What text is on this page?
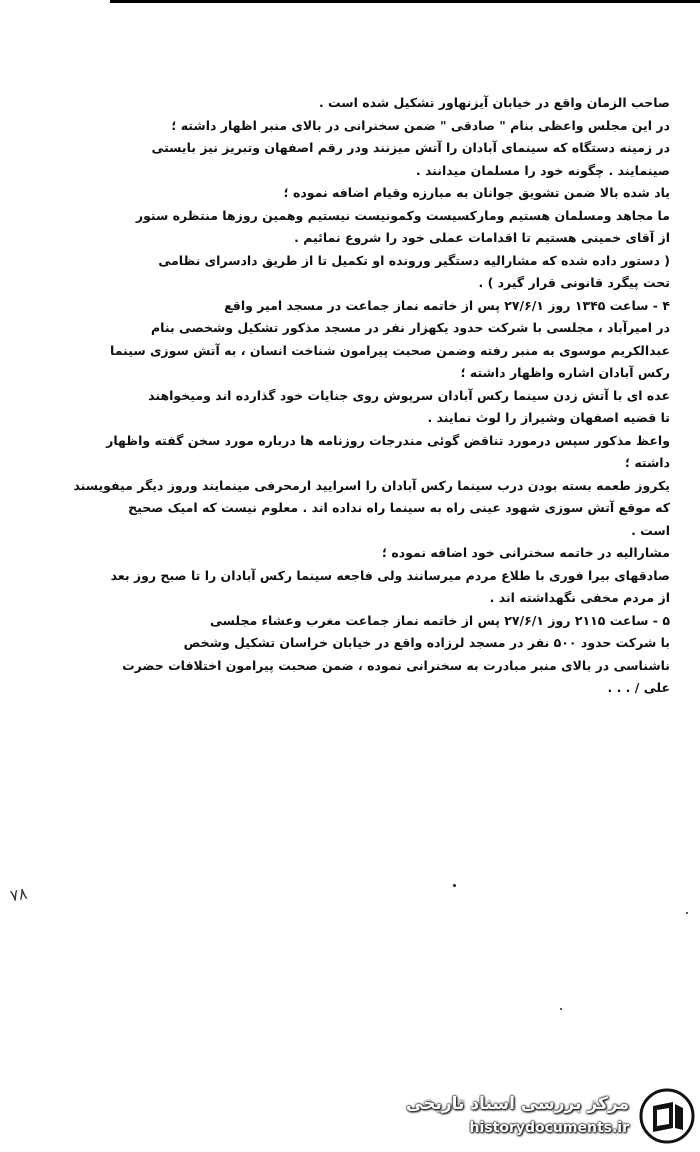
صاحب الزمان واقع در خیابان آیزنهاور تشکیل شده است .
در این مجلس واعظی بنام " صادقی " ضمن سخنرانی در بالای منبر اظهار داشته ؛
در زمینه دستگاه که سینمای آبادان را آتش میزنند ودر رقم اصفهان وتبریز نیز بایستی
صینمایند . چگونه خود را مسلمان میدانند .
یاد شده بالا ضمن تشویق جوانان به مبارزه وقیام اضافه نموده ؛
ما مجاهد ومسلمان هستیم ومارکسیست وکمونیست نیستیم وهمین روزها منتظره ستور
از آقای خمینی هستیم تا اقدامات عملی خود را شروع نمائیم .
( دستور داده شده که مشارالیه دستگیر ورونده او تکمیل تا از طریق دادسرای نظامی
تحت پیگرد قانونی قرار گیرد ) .
۴ - ساعت ۱۳۴۵ روز ۲۷/۶/۱ پس از خاتمه نماز جماعت در مسجد امیر واقع
در امیرآباد ، مجلسی با شرکت حدود یکهزار نفر در مسجد مذکور تشکیل وشخصی بنام
عبدالکریم موسوی به منبر رفته وضمن صحبت پیرامون شناخت انسان ، به آتش سوزی سینما
رکس آبادان اشاره واظهار داشته ؛
عده ای با آتش زدن سینما رکس آبادان سرپوش روی جنایات خود گذارده اند ومیخواهند
تا قضیه اصفهان وشیراز را لوث نمایند .
واعظ مذکور سپس درمورد تناقض گوئی مندرجات روزنامه ها درباره مورد سخن گفته واظهار
داشته ؛
یکروز طعمه بسته بودن درب سینما رکس آبادان را اسرایید ارمحرفی مینمایند وروز دیگر میفویسند
که موقع آتش سوزی شهود عینی راه به سینما راه نداده اند . معلوم نیست که امیک صحیح
است .
مشارالیه در خاتمه سخنرانی خود اضافه نموده ؛
صادقهای بیرا فوری با طلاع مردم میرسانند ولی فاجعه سینما رکس آبادان را تا صبح روز بعد
از مردم مخفی نگهداشته اند .
۵ - ساعت ۲۱۱۵ روز ۲۷/۶/۱ پس از خاتمه نماز جماعت مغرب وعشاء مجلسی
با شرکت حدود ۵۰۰ نفر در مسجد لرزاده واقع در خیابان خراسان تشکیل وشخص
ناشناسی در بالای منبر مبادرت به سخنرانی نموده ، ضمن صحبت پیرامون اختلافات حضرت
علی / . . .
۷۸
مرکز بررسی اسناد تاریخی
historydocuments.ir
